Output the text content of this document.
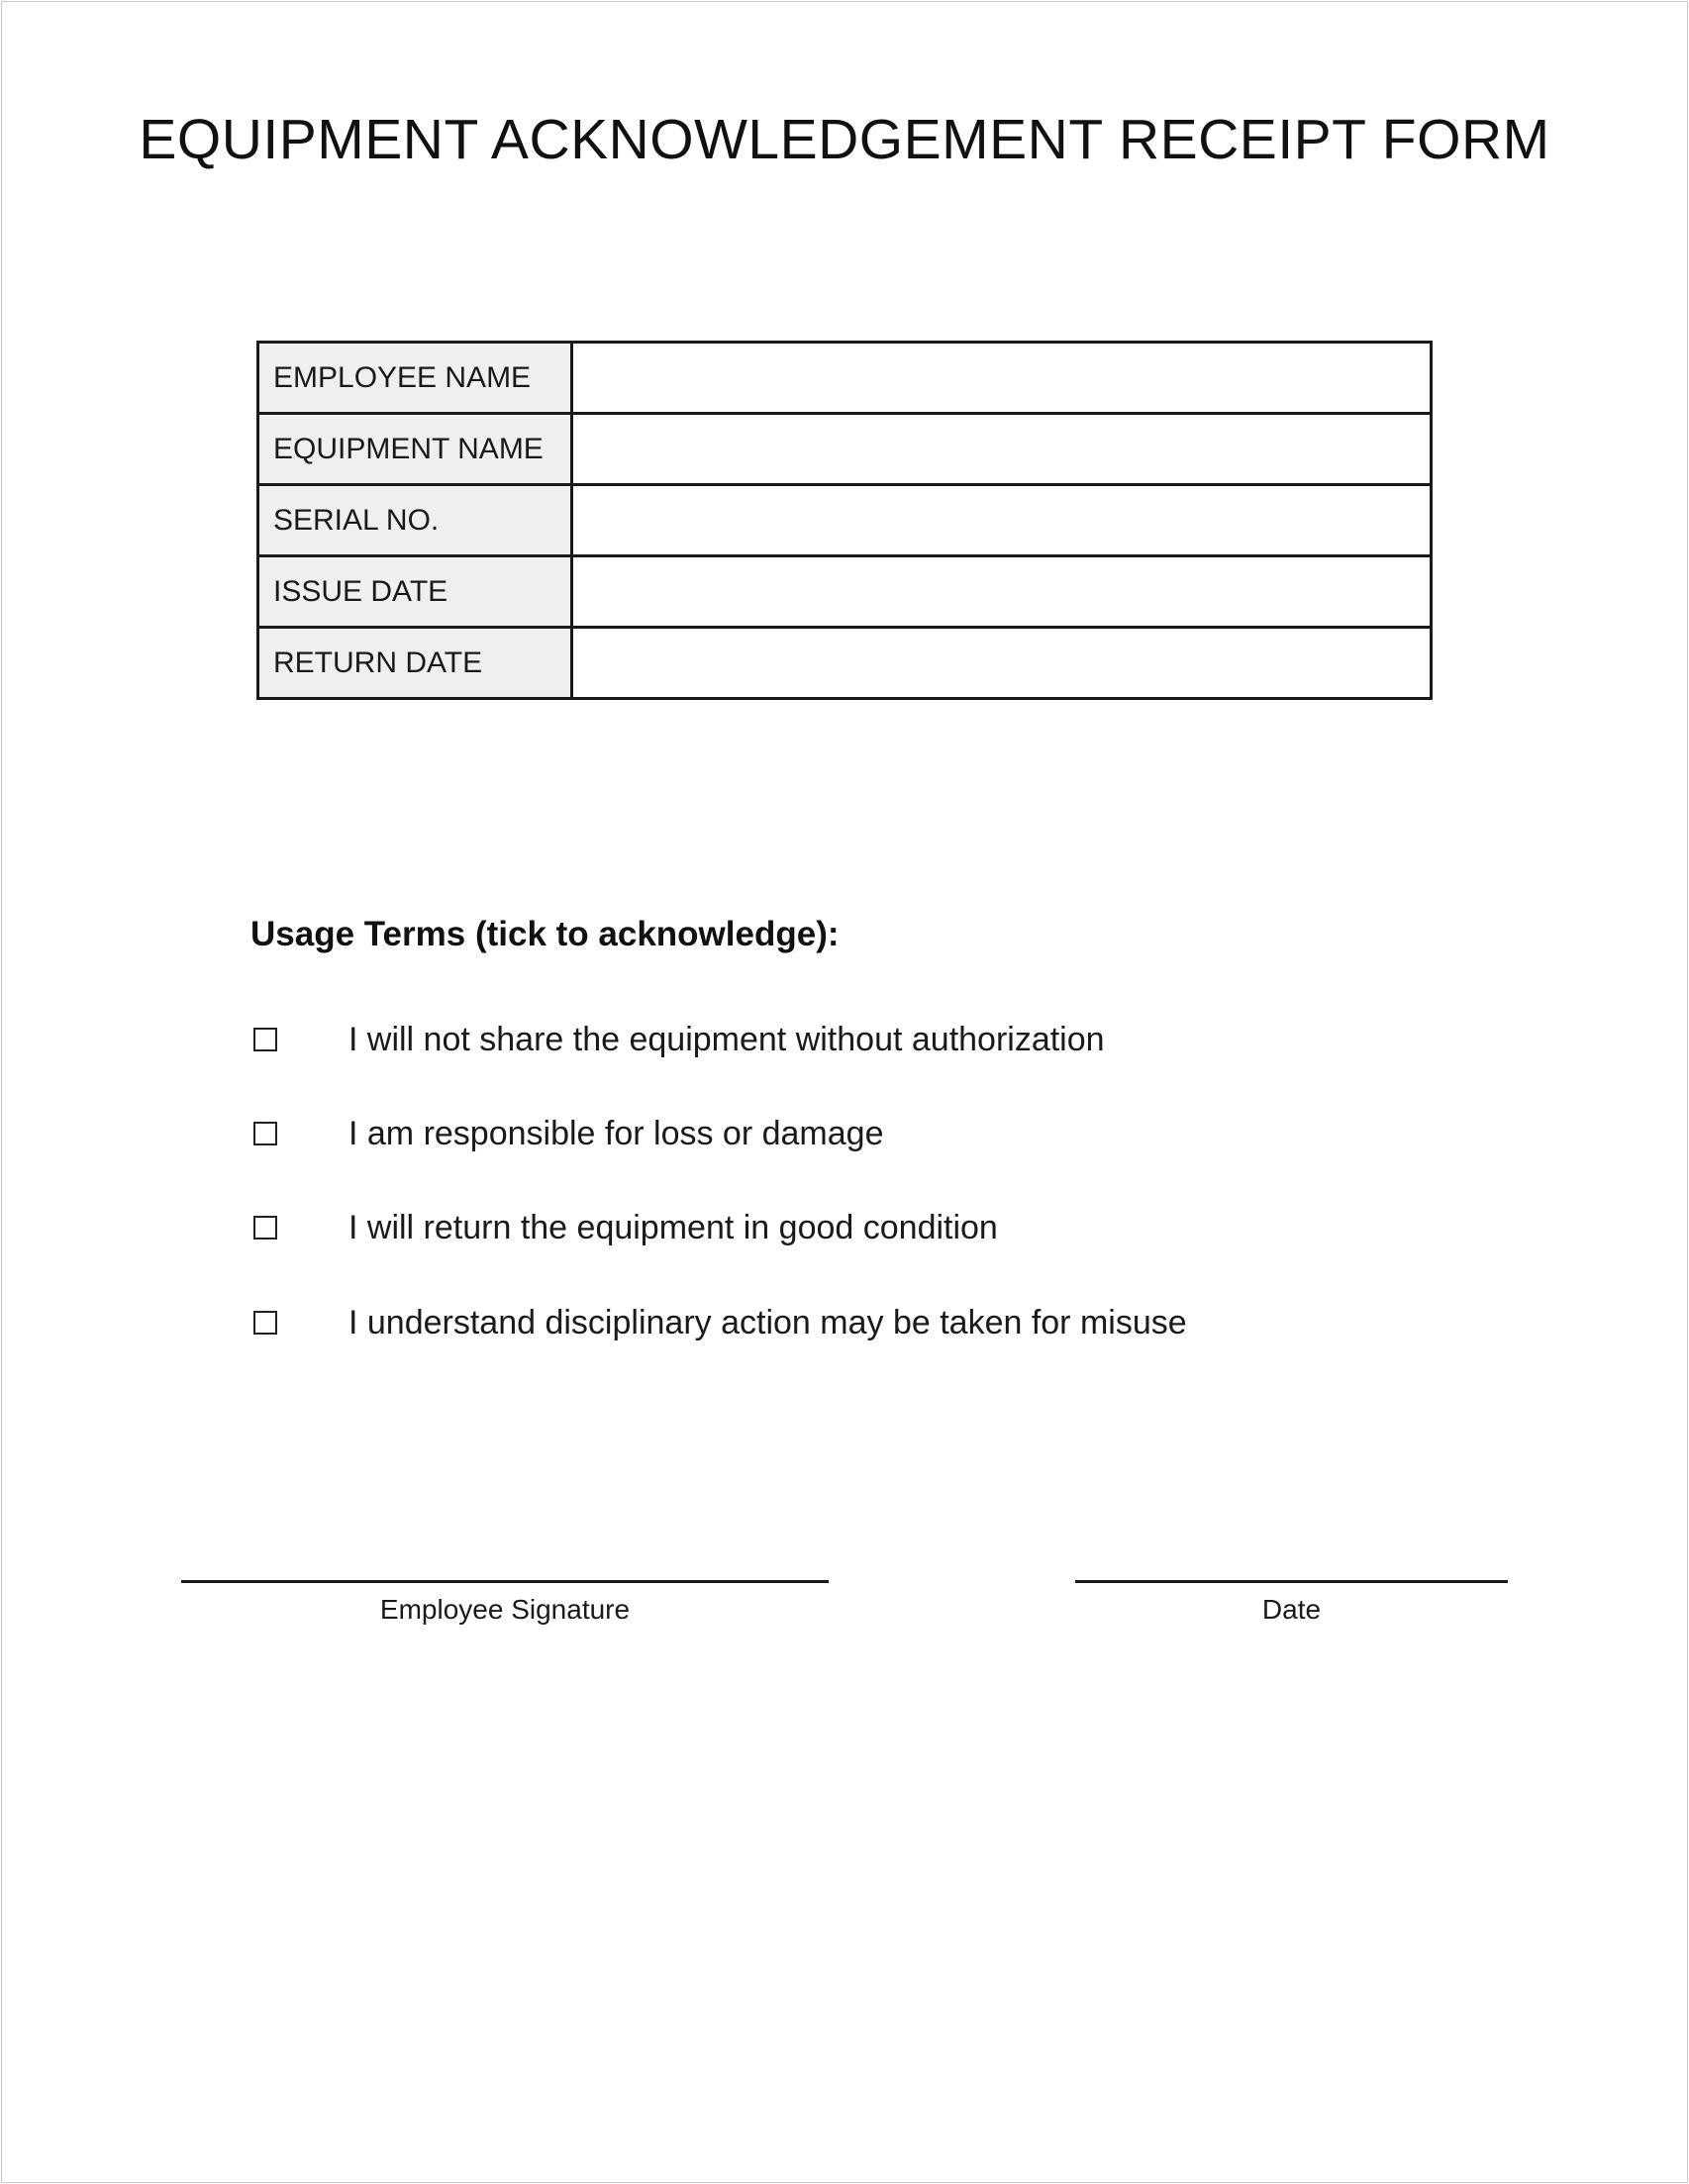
EQUIPMENT ACKNOWLEDGEMENT RECEIPT FORM
EMPLOYEE NAME	
EQUIPMENT NAME	
SERIAL NO.	
ISSUE DATE	
RETURN DATE	
Usage Terms (tick to acknowledge):
I will not share the equipment without authorization
I am responsible for loss or damage
I will return the equipment in good condition
I understand disciplinary action may be taken for misuse
Employee Signature	Date
